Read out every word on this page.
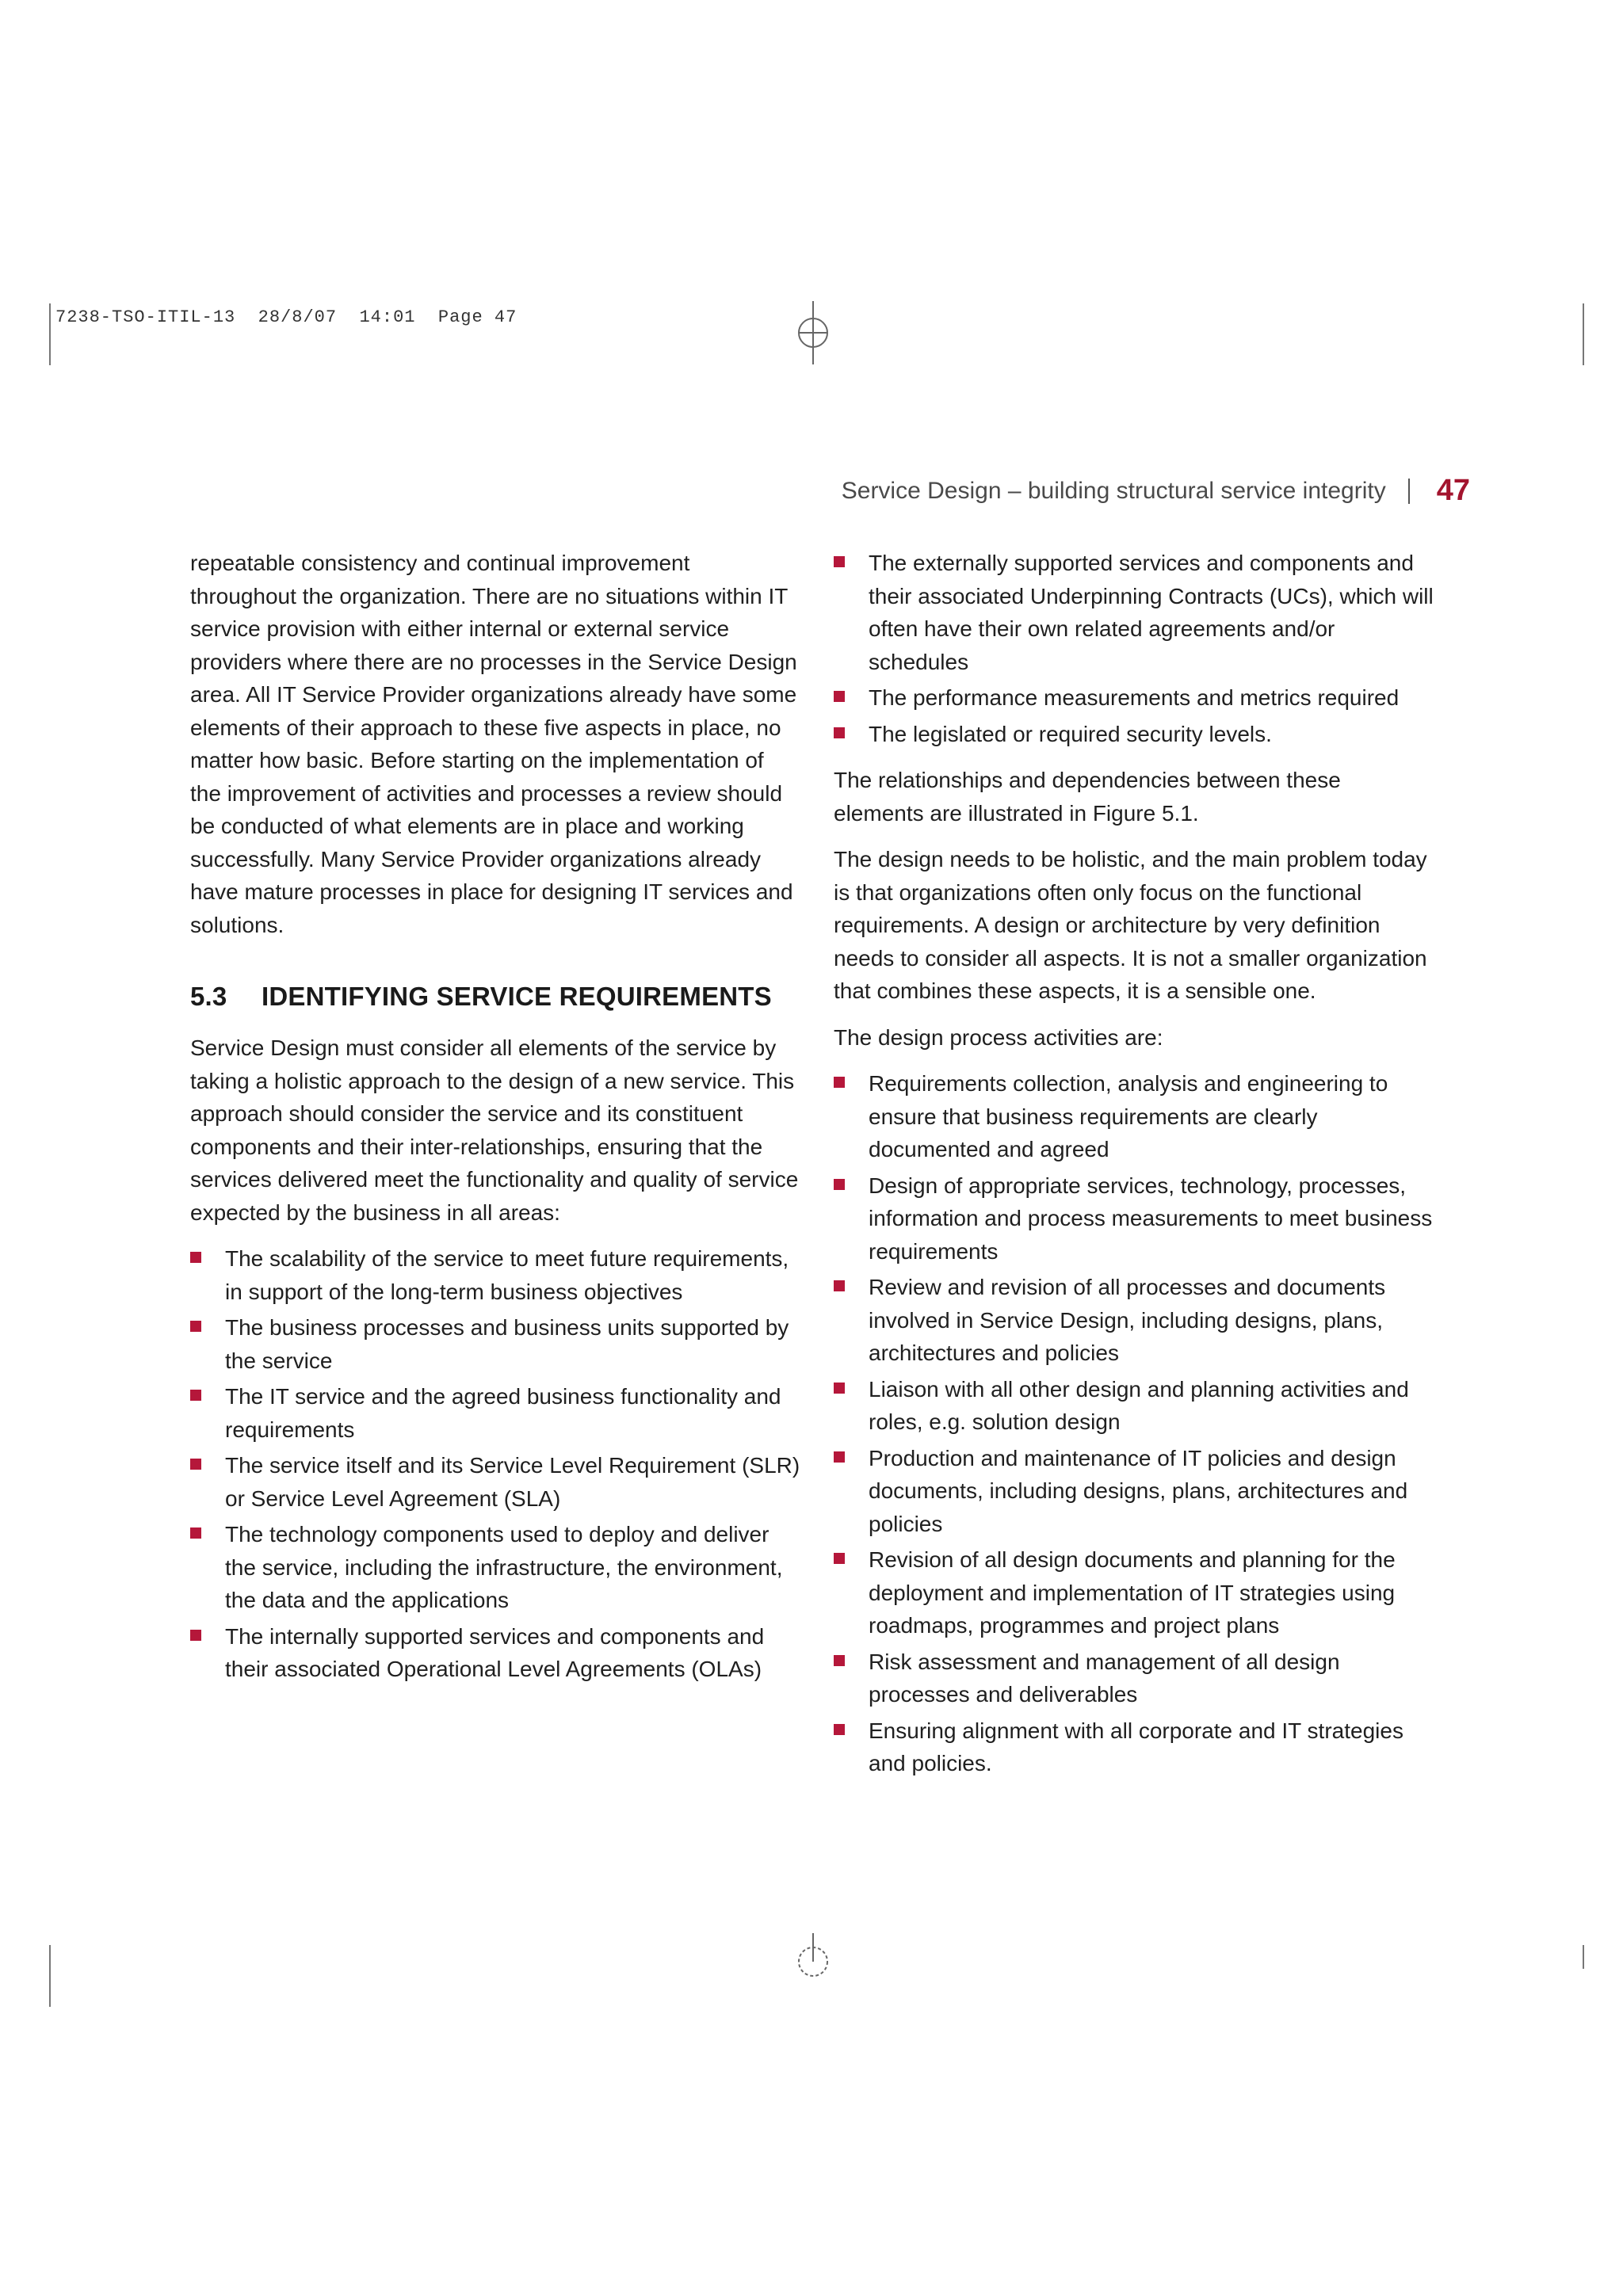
7238-TSO-ITIL-13  28/8/07  14:01  Page 47
Service Design – building structural service integrity 47

repeatable consistency and continual improvement throughout the organization. There are no situations within IT service provision with either internal or external service providers where there are no processes in the Service Design area. All IT Service Provider organizations already have some elements of their approach to these five aspects in place, no matter how basic. Before starting on the implementation of the improvement of activities and processes a review should be conducted of what elements are in place and working successfully. Many Service Provider organizations already have mature processes in place for designing IT services and solutions.

5.3 IDENTIFYING SERVICE REQUIREMENTS

Service Design must consider all elements of the service by taking a holistic approach to the design of a new service. This approach should consider the service and its constituent components and their inter-relationships, ensuring that the services delivered meet the functionality and quality of service expected by the business in all areas:

The scalability of the service to meet future requirements, in support of the long-term business objectives
The business processes and business units supported by the service
The IT service and the agreed business functionality and requirements
The service itself and its Service Level Requirement (SLR) or Service Level Agreement (SLA)
The technology components used to deploy and deliver the service, including the infrastructure, the environment, the data and the applications
The internally supported services and components and their associated Operational Level Agreements (OLAs)
The externally supported services and components and their associated Underpinning Contracts (UCs), which will often have their own related agreements and/or schedules
The performance measurements and metrics required
The legislated or required security levels.

The relationships and dependencies between these elements are illustrated in Figure 5.1.

The design needs to be holistic, and the main problem today is that organizations often only focus on the functional requirements. A design or architecture by very definition needs to consider all aspects. It is not a smaller organization that combines these aspects, it is a sensible one.

The design process activities are:

Requirements collection, analysis and engineering to ensure that business requirements are clearly documented and agreed
Design of appropriate services, technology, processes, information and process measurements to meet business requirements
Review and revision of all processes and documents involved in Service Design, including designs, plans, architectures and policies
Liaison with all other design and planning activities and roles, e.g. solution design
Production and maintenance of IT policies and design documents, including designs, plans, architectures and policies
Revision of all design documents and planning for the deployment and implementation of IT strategies using roadmaps, programmes and project plans
Risk assessment and management of all design processes and deliverables
Ensuring alignment with all corporate and IT strategies and policies.
